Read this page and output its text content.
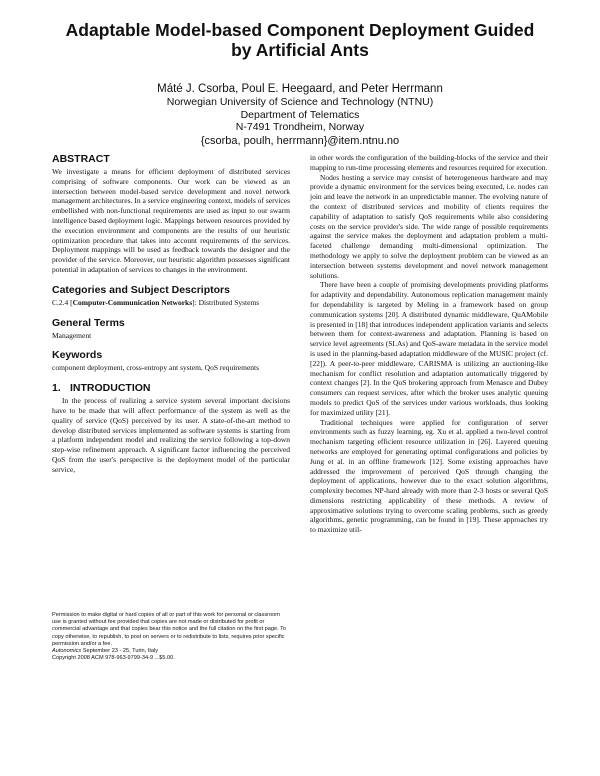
Adaptable Model-based Component Deployment Guided
by Artificial Ants
Máté J. Csorba, Poul E. Heegaard, and Peter Herrmann
Norwegian University of Science and Technology (NTNU)
Department of Telematics
N-7491 Trondheim, Norway
{csorba, poulh, herrmann}@item.ntnu.no
ABSTRACT

We investigate a means for efficient deployment of distributed services comprising of software components. Our work can be viewed as an intersection between model-based service development and novel network management architectures. In a service engineering context, models of services embellished with non-functional requirements are used as input to our swarm intelligence based deployment logic. Mappings between resources provided by the execution environment and components are the results of our heuristic optimization procedure that takes into account requirements of the services. Deployment mappings will be used as feedback towards the designer and the provider of the service. Moreover, our heuristic algorithm possesses significant potential in adaptation of services to changes in the environment.

Categories and Subject Descriptors

C.2.4 [Computer-Communication Networks]: Distributed Systems

General Terms

Management

Keywords

component deployment, cross-entropy ant system, QoS requirements

1. INTRODUCTION

In the process of realizing a service system several important decisions have to be made that will affect performance of the system as well as the quality of service (QoS) perceived by its user. A state-of-the-art method to develop distributed services implemented as software systems is starting from a platform independent model and realizing the service following a top-down step-wise refinement approach. A significant factor influencing the perceived QoS from the user's perspective is the deployment model of the particular service,

Permission to make digital or hard copies of all or part of this work for personal or classroom use is granted without fee provided that copies are not made or distributed for profit or commercial advantage and that copies bear this notice and the full citation on the first page. To copy otherwise, to republish, to post on servers or to redistribute to lists, requires prior specific permission and/or a fee.

Autonomics September 23 - 25, Turin, Italy

Copyright 2008 ACM 978-963-9799-34-9 ...$5.00.

in other words the configuration of the building-blocks of the service and their mapping to run-time processing elements and resources required for execution.

Nodes hosting a service may consist of heterogeneous hardware and may provide a dynamic environment for the services being executed, i.e. nodes can join and leave the network in an unpredictable manner. The evolving nature of the context of distributed services and mobility of clients requires the capability of adaptation to satisfy QoS requirements while also considering costs on the service provider's side. The wide range of possible requirements against the service makes the deployment and adaptation problem a multi-faceted challenge demanding multi-dimensional optimization. The methodology we apply to solve the deployment problem can be viewed as an intersection between systems development and novel network management solutions.

There have been a couple of promising developments providing platforms for adaptivity and dependability. Autonomous replication management mainly for dependability is targeted by Meling in a framework based on group communication systems [20]. A distributed dynamic middleware, QuAMobile is presented in [18] that introduces independent application variants and selects between them for context-awareness and adaptation. Planning is based on service level agreements (SLAs) and QoS-aware metadata in the service model is used in the planning-based adaptation middleware of the MUSIC project (cf. [22]). A peer-to-peer middleware, CARISMA is utilizing an auctioning-like mechanism for conflict resolution and adaptation automatically triggered by context changes [2]. In the QoS brokering approach from Menasce and Dubey consumers can request services, after which the broker uses analytic queuing models to predict QoS of the services under various workloads, thus looking for maximized utility [21].

Traditional techniques were applied for configuration of server environments such as fuzzy learning, eg. Xu et al. applied a two-level control mechanism targeting efficient resource utilization in [26]. Layered queuing networks are employed for generating optimal configurations and policies by Jung et al. in an offline framework [12]. Some existing approaches have addressed the improvement of perceived QoS through changing the deployment of applications, however due to the exact solution algorithms, complexity becomes NP-hard already with more than 2-3 hosts or several QoS dimensions restricting applicability of these methods. A review of approximative solutions trying to overcome scaling problems, such as greedy algorithms, genetic programming, can be found in [19]. These approaches try to maximize util-
